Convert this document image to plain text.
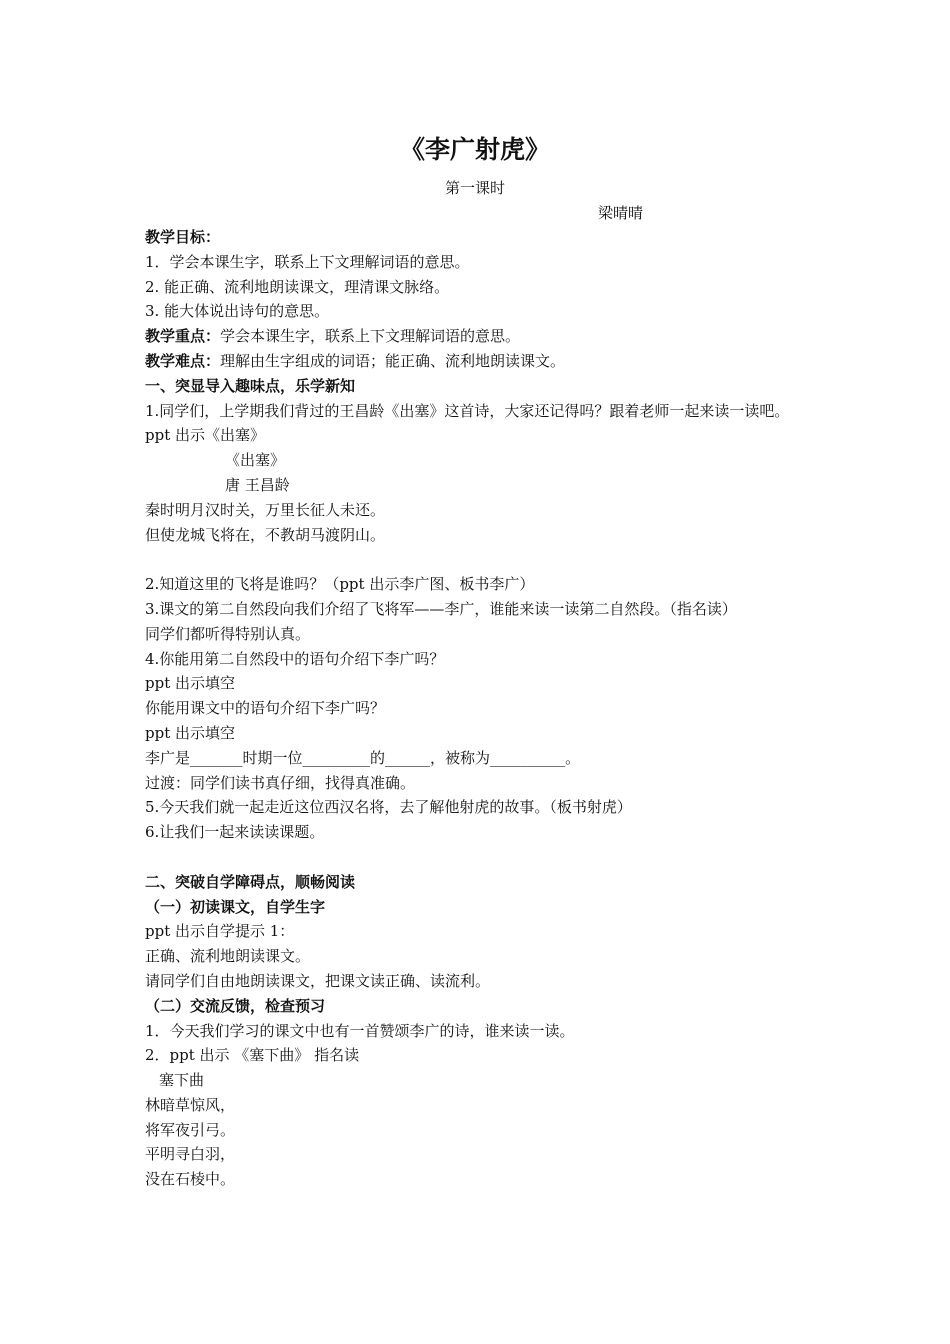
《李广射虎》
第一课时
梁晴晴

教学目标：

1．学会本课生字，联系上下文理解词语的意思。

2. 能正确、流利地朗读课文，理清课文脉络。

3. 能大体说出诗句的意思。

教学重点：学会本课生字，联系上下文理解词语的意思。

教学难点：理解由生字组成的词语；能正确、流利地朗读课文。

一、突显导入趣味点，乐学新知

1.同学们，上学期我们背过的王昌龄《出塞》这首诗，大家还记得吗？跟着老师一起来读一读吧。

ppt 出示《出塞》

《出塞》

唐 王昌龄

秦时明月汉时关，万里长征人未还。

但使龙城飞将在，不教胡马渡阴山。

2.知道这里的飞将是谁吗？（ppt 出示李广图、板书李广）

3.课文的第二自然段向我们介绍了飞将军——李广，谁能来读一读第二自然段。（指名读）

同学们都听得特别认真。

4.你能用第二自然段中的语句介绍下李广吗？

ppt 出示填空

你能用课文中的语句介绍下李广吗？

ppt 出示填空

李广是_______时期一位_________的______，被称为__________。

过渡：同学们读书真仔细，找得真准确。

5.今天我们就一起走近这位西汉名将，去了解他射虎的故事。（板书射虎）

6.让我们一起来读读课题。

二、突破自学障碍点，顺畅阅读

（一）初读课文，自学生字

ppt 出示自学提示 1：

正确、流利地朗读课文。

请同学们自由地朗读课文，把课文读正确、读流利。

（二）交流反馈，检查预习

1．今天我们学习的课文中也有一首赞颂李广的诗，谁来读一读。

2．ppt 出示 《塞下曲》 指名读

塞下曲

林暗草惊风，

将军夜引弓。

平明寻白羽，

没在石棱中。
